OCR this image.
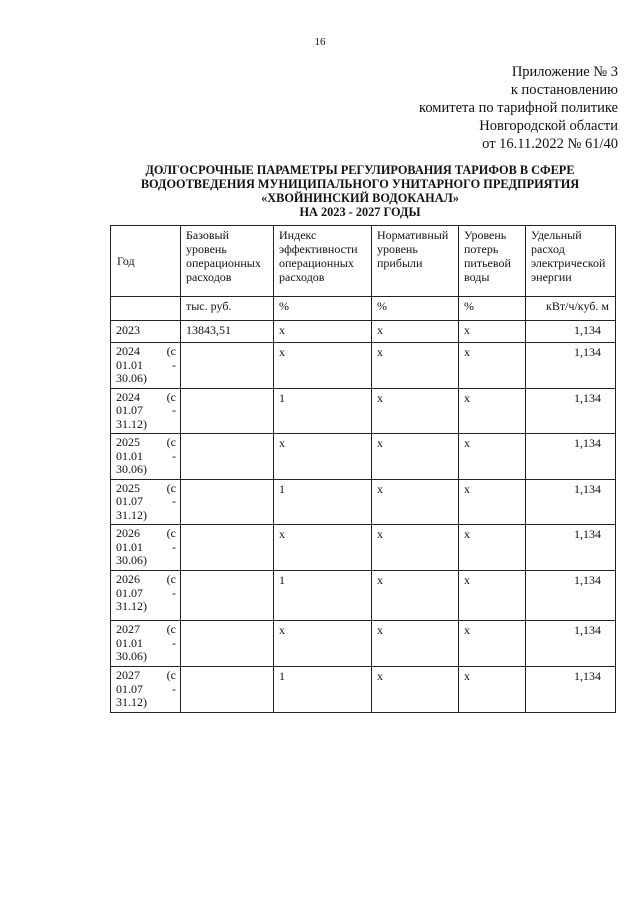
16
Приложение № 3
к постановлению
комитета по тарифной политике
Новгородской области
от 16.11.2022 № 61/40
ДОЛГОСРОЧНЫЕ ПАРАМЕТРЫ РЕГУЛИРОВАНИЯ ТАРИФОВ В СФЕРЕ
ВОДООТВЕДЕНИЯ МУНИЦИПАЛЬНОГО УНИТАРНОГО ПРЕДПРИЯТИЯ
«ХВОЙНИНСКИЙ ВОДОКАНАЛ»
НА 2023 - 2027 ГОДЫ
Год	Базовый уровень операционных расходов	Индекс эффективности операционных расходов	Нормативный уровень прибыли	Уровень потерь питьевой воды	Удельный расход электрической энергии
	тыс. руб.	%	%	%	кВт/ч/куб. м
2023	13843,51	x	x	x	1,134

2024 (с
01.01 -
30.06)		x	x	x	1,134

2024 (с
01.07 -
31.12)		1	x	x	1,134

2025 (с
01.01 -
30.06)		x	x	x	1,134

2025 (с
01.07 -
31.12)		1	x	x	1,134

2026 (с
01.01 -
30.06)		x	x	x	1,134

2026 (с
01.07 -
31.12)		1	x	x	1,134

2027 (с
01.01 -
30.06)		x	x	x	1,134

2027 (с
01.07 -
31.12)		1	x	x	1,134
